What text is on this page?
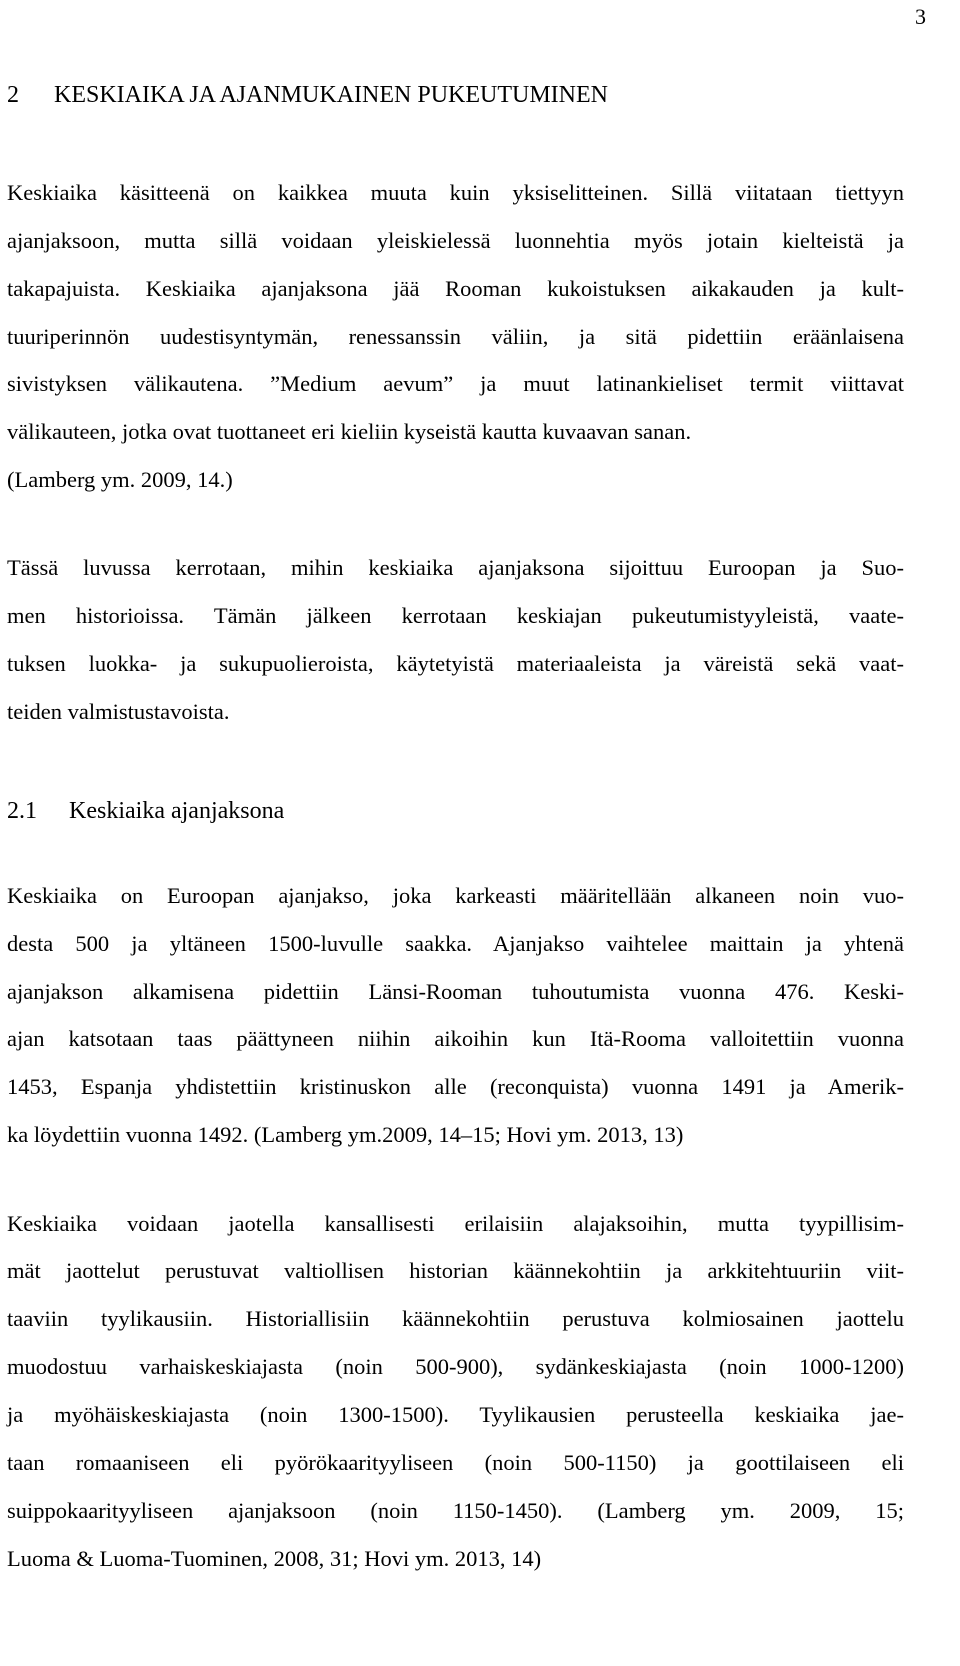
3
2 KESKIAIKA JA AJANMUKAINEN PUKEUTUMINEN
Keskiaika käsitteenä on kaikkea muuta kuin yksiselitteinen. Sillä viitataan tiettyyn
ajanjaksoon, mutta sillä voidaan yleiskielessä luonnehtia myös jotain kielteistä ja
takapajuista. Keskiaika ajanjaksona jää Rooman kukoistuksen aikakauden ja kult-
tuuriperinnön uudestisyntymän, renessanssin väliin, ja sitä pidettiin eräänlaisena
sivistyksen välikautena. ”Medium aevum” ja muut latinankieliset termit viittavat
välikauteen, jotka ovat tuottaneet eri kieliin kyseistä kautta kuvaavan sanan.
(Lamberg ym. 2009, 14.)
Tässä luvussa kerrotaan, mihin keskiaika ajanjaksona sijoittuu Euroopan ja Suo-
men historioissa. Tämän jälkeen kerrotaan keskiajan pukeutumistyyleistä, vaate-
tuksen luokka- ja sukupuolieroista, käytetyistä materiaaleista ja väreistä sekä vaat-
teiden valmistustavoista.
2.1 Keskiaika ajanjaksona
Keskiaika on Euroopan ajanjakso, joka karkeasti määritellään alkaneen noin vuo-
desta 500 ja yltäneen 1500-luvulle saakka. Ajanjakso vaihtelee maittain ja yhtenä
ajanjakson alkamisena pidettiin Länsi-Rooman tuhoutumista vuonna 476. Keski-
ajan katsotaan taas päättyneen niihin aikoihin kun Itä-Rooma valloitettiin vuonna
1453, Espanja yhdistettiin kristinuskon alle (reconquista) vuonna 1491 ja Amerik-
ka löydettiin vuonna 1492. (Lamberg ym.2009, 14–15; Hovi ym. 2013, 13)
Keskiaika voidaan jaotella kansallisesti erilaisiin alajaksoihin, mutta tyypillisim-
mät jaottelut perustuvat valtiollisen historian käännekohtiin ja arkkitehtuuriin viit-
taaviin tyylikausiin. Historiallisiin käännekohtiin perustuva kolmiosainen jaottelu
muodostuu varhaiskeskiajasta (noin 500-900), sydänkeskiajasta (noin 1000-1200)
ja myöhäiskeskiajasta (noin 1300-1500). Tyylikausien perusteella keskiaika jae-
taan romaaniseen eli pyörökaarityyliseen (noin 500-1150) ja goottilaiseen eli
suippokaarityyliseen ajanjaksoon (noin 1150-1450). (Lamberg ym. 2009, 15;
Luoma & Luoma-Tuominen, 2008, 31; Hovi ym. 2013, 14)
